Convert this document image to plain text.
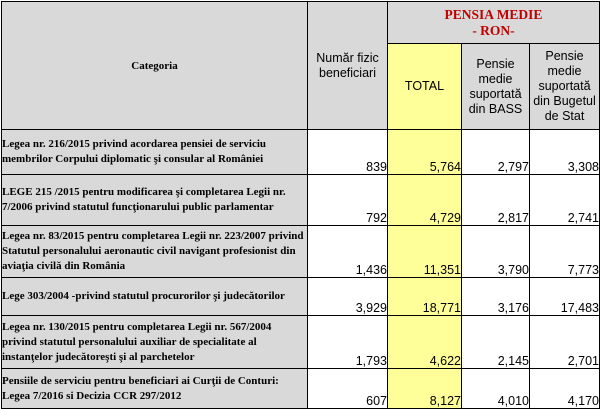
Categoria	Număr fizic beneficiari	PENSIA MEDIE
- RON-		

		TOTAL	Pensie medie suportată din BASS	Pensie medie suportată din Bugetul de Stat
Legea nr. 216/2015 privind acordarea pensiei de serviciu membrilor Corpului diplomatic şi consular al României	839	5,764	2,797	3,308
LEGE 215 /2015 pentru modificarea şi completarea Legii nr. 7/2006 privind statutul funcţionarului public parlamentar	792	4,729	2,817	2,741
Legea nr. 83/2015 pentru completarea Legii nr. 223/2007 privind Statutul personalului aeronautic civil navigant profesionist din aviaţia civilă din România	1,436	11,351	3,790	7,773
Lege 303/2004 -privind statutul procurorilor şi judecătorilor	3,929	18,771	3,176	17,483
Legea nr. 130/2015 pentru completarea Legii nr. 567/2004 privind statutul personalului auxiliar de specialitate al instanţelor judecătoreşti şi al parchetelor	1,793	4,622	2,145	2,701
Pensiile de serviciu pentru beneficiari ai Curţii de Conturi: Legea 7/2016 si Decizia CCR 297/2012	607	8,127	4,010	4,170
